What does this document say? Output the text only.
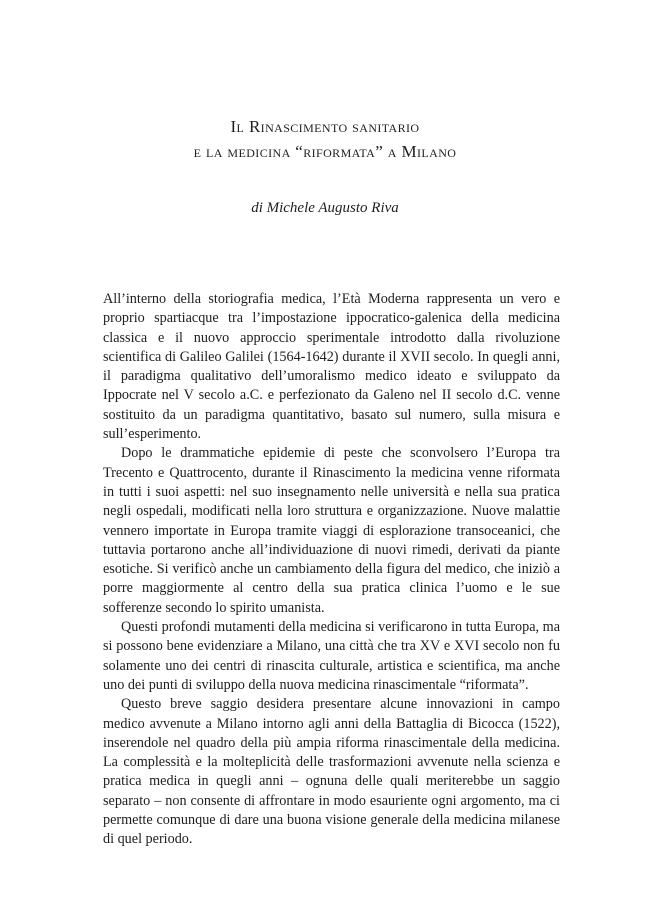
Il Rinascimento sanitario
e la medicina “riformata” a Milano

di Michele Augusto Riva

All’interno della storiografia medica, l’Età Moderna rappresenta un vero e proprio spartiacque tra l’impostazione ippocratico-galenica della medicina classica e il nuovo approccio sperimentale introdotto dalla rivoluzione scientifica di Galileo Galilei (1564-1642) durante il XVII secolo. In quegli anni, il paradigma qualitativo dell’umoralismo medico ideato e sviluppato da Ippocrate nel V secolo a.C. e perfezionato da Galeno nel II secolo d.C. venne sostituito da un paradigma quantitativo, basato sul numero, sulla misura e sull’esperimento.

Dopo le drammatiche epidemie di peste che sconvolsero l’Europa tra Trecento e Quattrocento, durante il Rinascimento la medicina venne riformata in tutti i suoi aspetti: nel suo insegnamento nelle università e nella sua pratica negli ospedali, modificati nella loro struttura e organizzazione. Nuove malattie vennero importate in Europa tramite viaggi di esplorazione transoceanici, che tuttavia portarono anche all’individuazione di nuovi rimedi, derivati da piante esotiche. Si verificò anche un cambiamento della figura del medico, che iniziò a porre maggiormente al centro della sua pratica clinica l’uomo e le sue sofferenze secondo lo spirito umanista.

Questi profondi mutamenti della medicina si verificarono in tutta Europa, ma si possono bene evidenziare a Milano, una città che tra XV e XVI secolo non fu solamente uno dei centri di rinascita culturale, artistica e scientifica, ma anche uno dei punti di sviluppo della nuova medicina rinascimentale “riformata”.

Questo breve saggio desidera presentare alcune innovazioni in campo medico avvenute a Milano intorno agli anni della Battaglia di Bicocca (1522), inserendole nel quadro della più ampia riforma rinascimentale della medicina. La complessità e la molteplicità delle trasformazioni avvenute nella scienza e pratica medica in quegli anni – ognuna delle quali meriterebbe un saggio separato – non consente di affrontare in modo esauriente ogni argomento, ma ci permette comunque di dare una buona visione generale della medicina milanese di quel periodo.
